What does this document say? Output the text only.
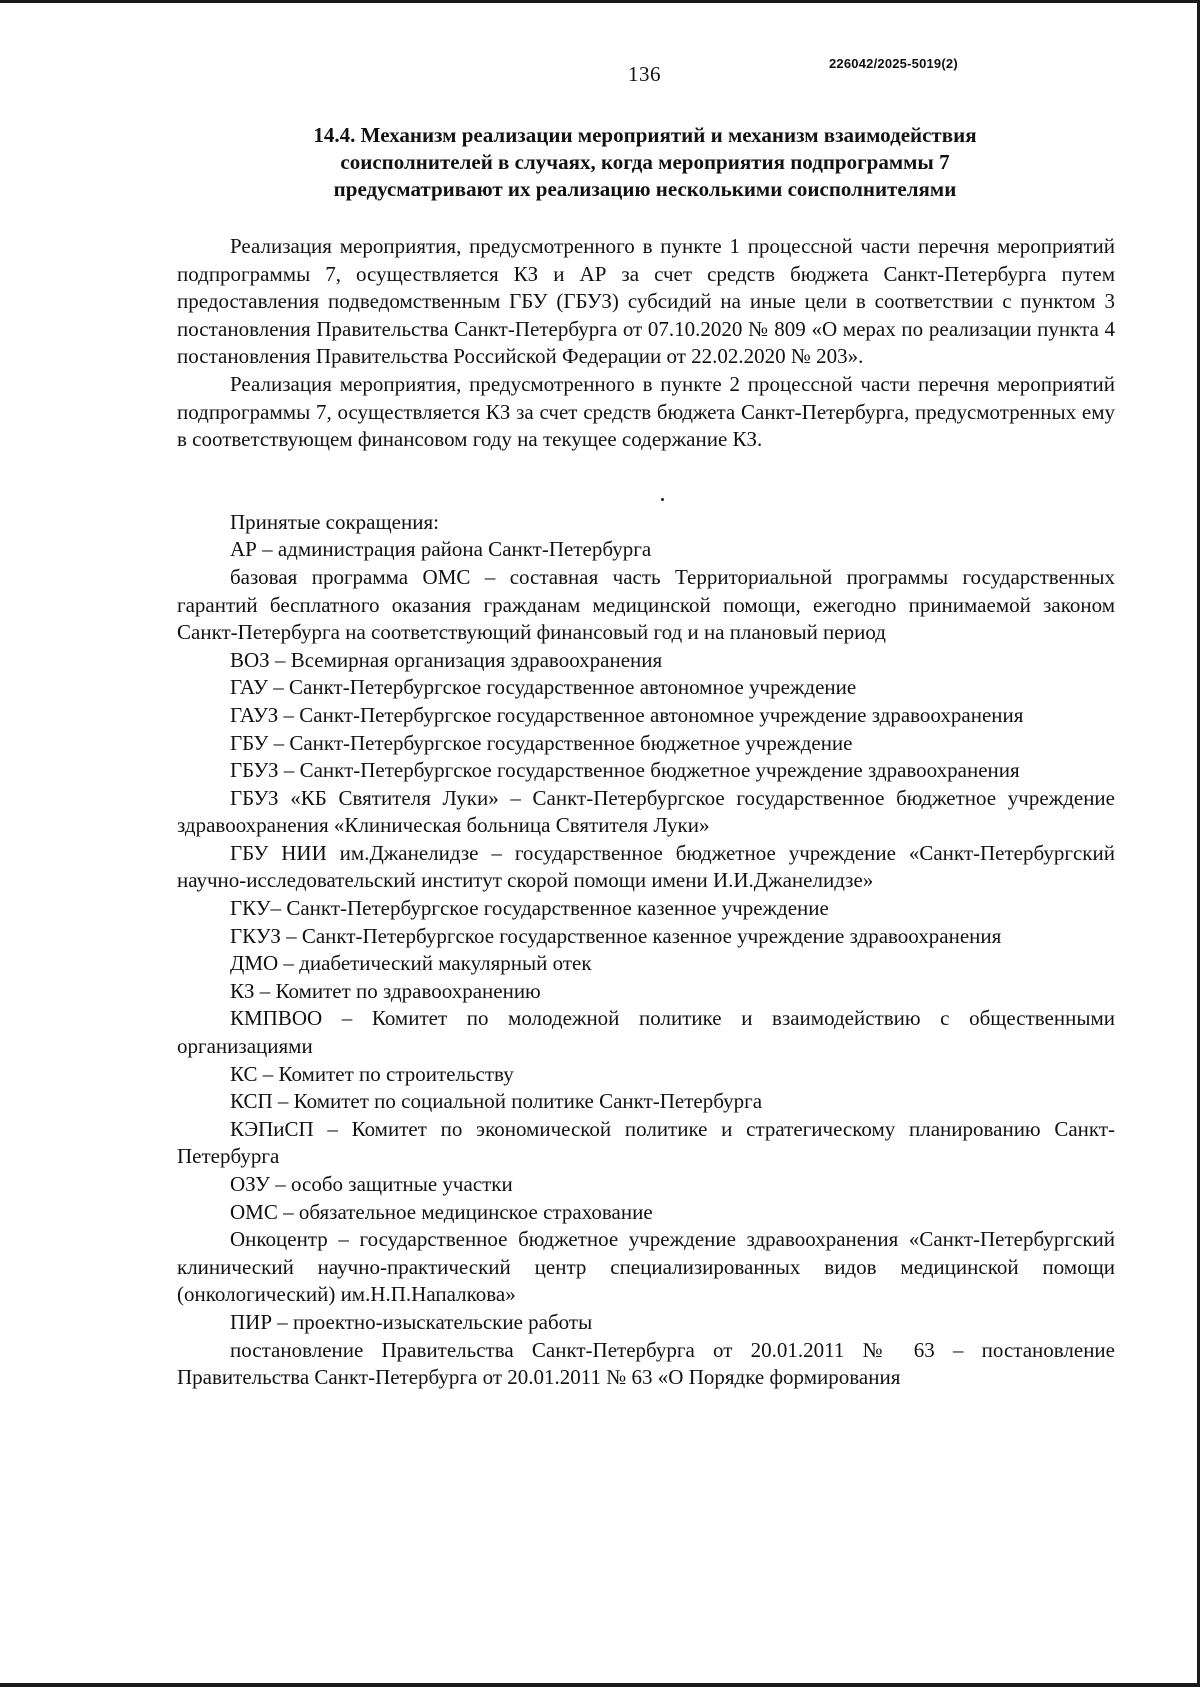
136	226042/2025-5019(2)
14.4. Механизм реализации мероприятий и механизм взаимодействия
соисполнителей в случаях, когда мероприятия подпрограммы 7
предусматривают их реализацию несколькими соисполнителями

Реализация мероприятия, предусмотренного в пункте 1 процессной части перечня мероприятий подпрограммы 7, осуществляется КЗ и АР за счет средств бюджета Санкт-Петербурга путем предоставления подведомственным ГБУ (ГБУЗ) субсидий на иные цели в соответствии с пунктом 3 постановления Правительства Санкт-Петербурга от 07.10.2020 № 809 «О мерах по реализации пункта 4 постановления Правительства Российской Федерации от 22.02.2020 № 203».

Реализация мероприятия, предусмотренного в пункте 2 процессной части перечня мероприятий подпрограммы 7, осуществляется КЗ за счет средств бюджета Санкт-Петербурга, предусмотренных ему в соответствующем финансовом году на текущее содержание КЗ.

Принятые сокращения:

АР – администрация района Санкт-Петербурга

базовая программа ОМС – составная часть Территориальной программы государственных гарантий бесплатного оказания гражданам медицинской помощи, ежегодно принимаемой законом Санкт-Петербурга на соответствующий финансовый год и на плановый период

ВОЗ – Всемирная организация здравоохранения

ГАУ – Санкт-Петербургское государственное автономное учреждение

ГАУЗ – Санкт-Петербургское государственное автономное учреждение здравоохранения

ГБУ – Санкт-Петербургское государственное бюджетное учреждение

ГБУЗ – Санкт-Петербургское государственное бюджетное учреждение здравоохранения

ГБУЗ «КБ Святителя Луки» – Санкт-Петербургское государственное бюджетное учреждение здравоохранения «Клиническая больница Святителя Луки»

ГБУ НИИ им.Джанелидзе – государственное бюджетное учреждение «Санкт-Петербургский научно-исследовательский институт скорой помощи имени И.И.Джанелидзе»

ГКУ– Санкт-Петербургское государственное казенное учреждение

ГКУЗ – Санкт-Петербургское государственное казенное учреждение здравоохранения

ДМО – диабетический макулярный отек

КЗ – Комитет по здравоохранению

КМПВОО – Комитет по молодежной политике и взаимодействию с общественными организациями

КС – Комитет по строительству

КСП – Комитет по социальной политике Санкт-Петербурга

КЭПиСП – Комитет по экономической политике и стратегическому планированию Санкт-Петербурга

ОЗУ – особо защитные участки

ОМС – обязательное медицинское страхование

Онкоцентр – государственное бюджетное учреждение здравоохранения «Санкт-Петербургский клинический научно-практический центр специализированных видов медицинской помощи (онкологический) им.Н.П.Напалкова»

ПИР – проектно-изыскательские работы

постановление Правительства Санкт-Петербурга от 20.01.2011 № 63 – постановление Правительства Санкт-Петербурга от 20.01.2011 № 63 «О Порядке формирования
